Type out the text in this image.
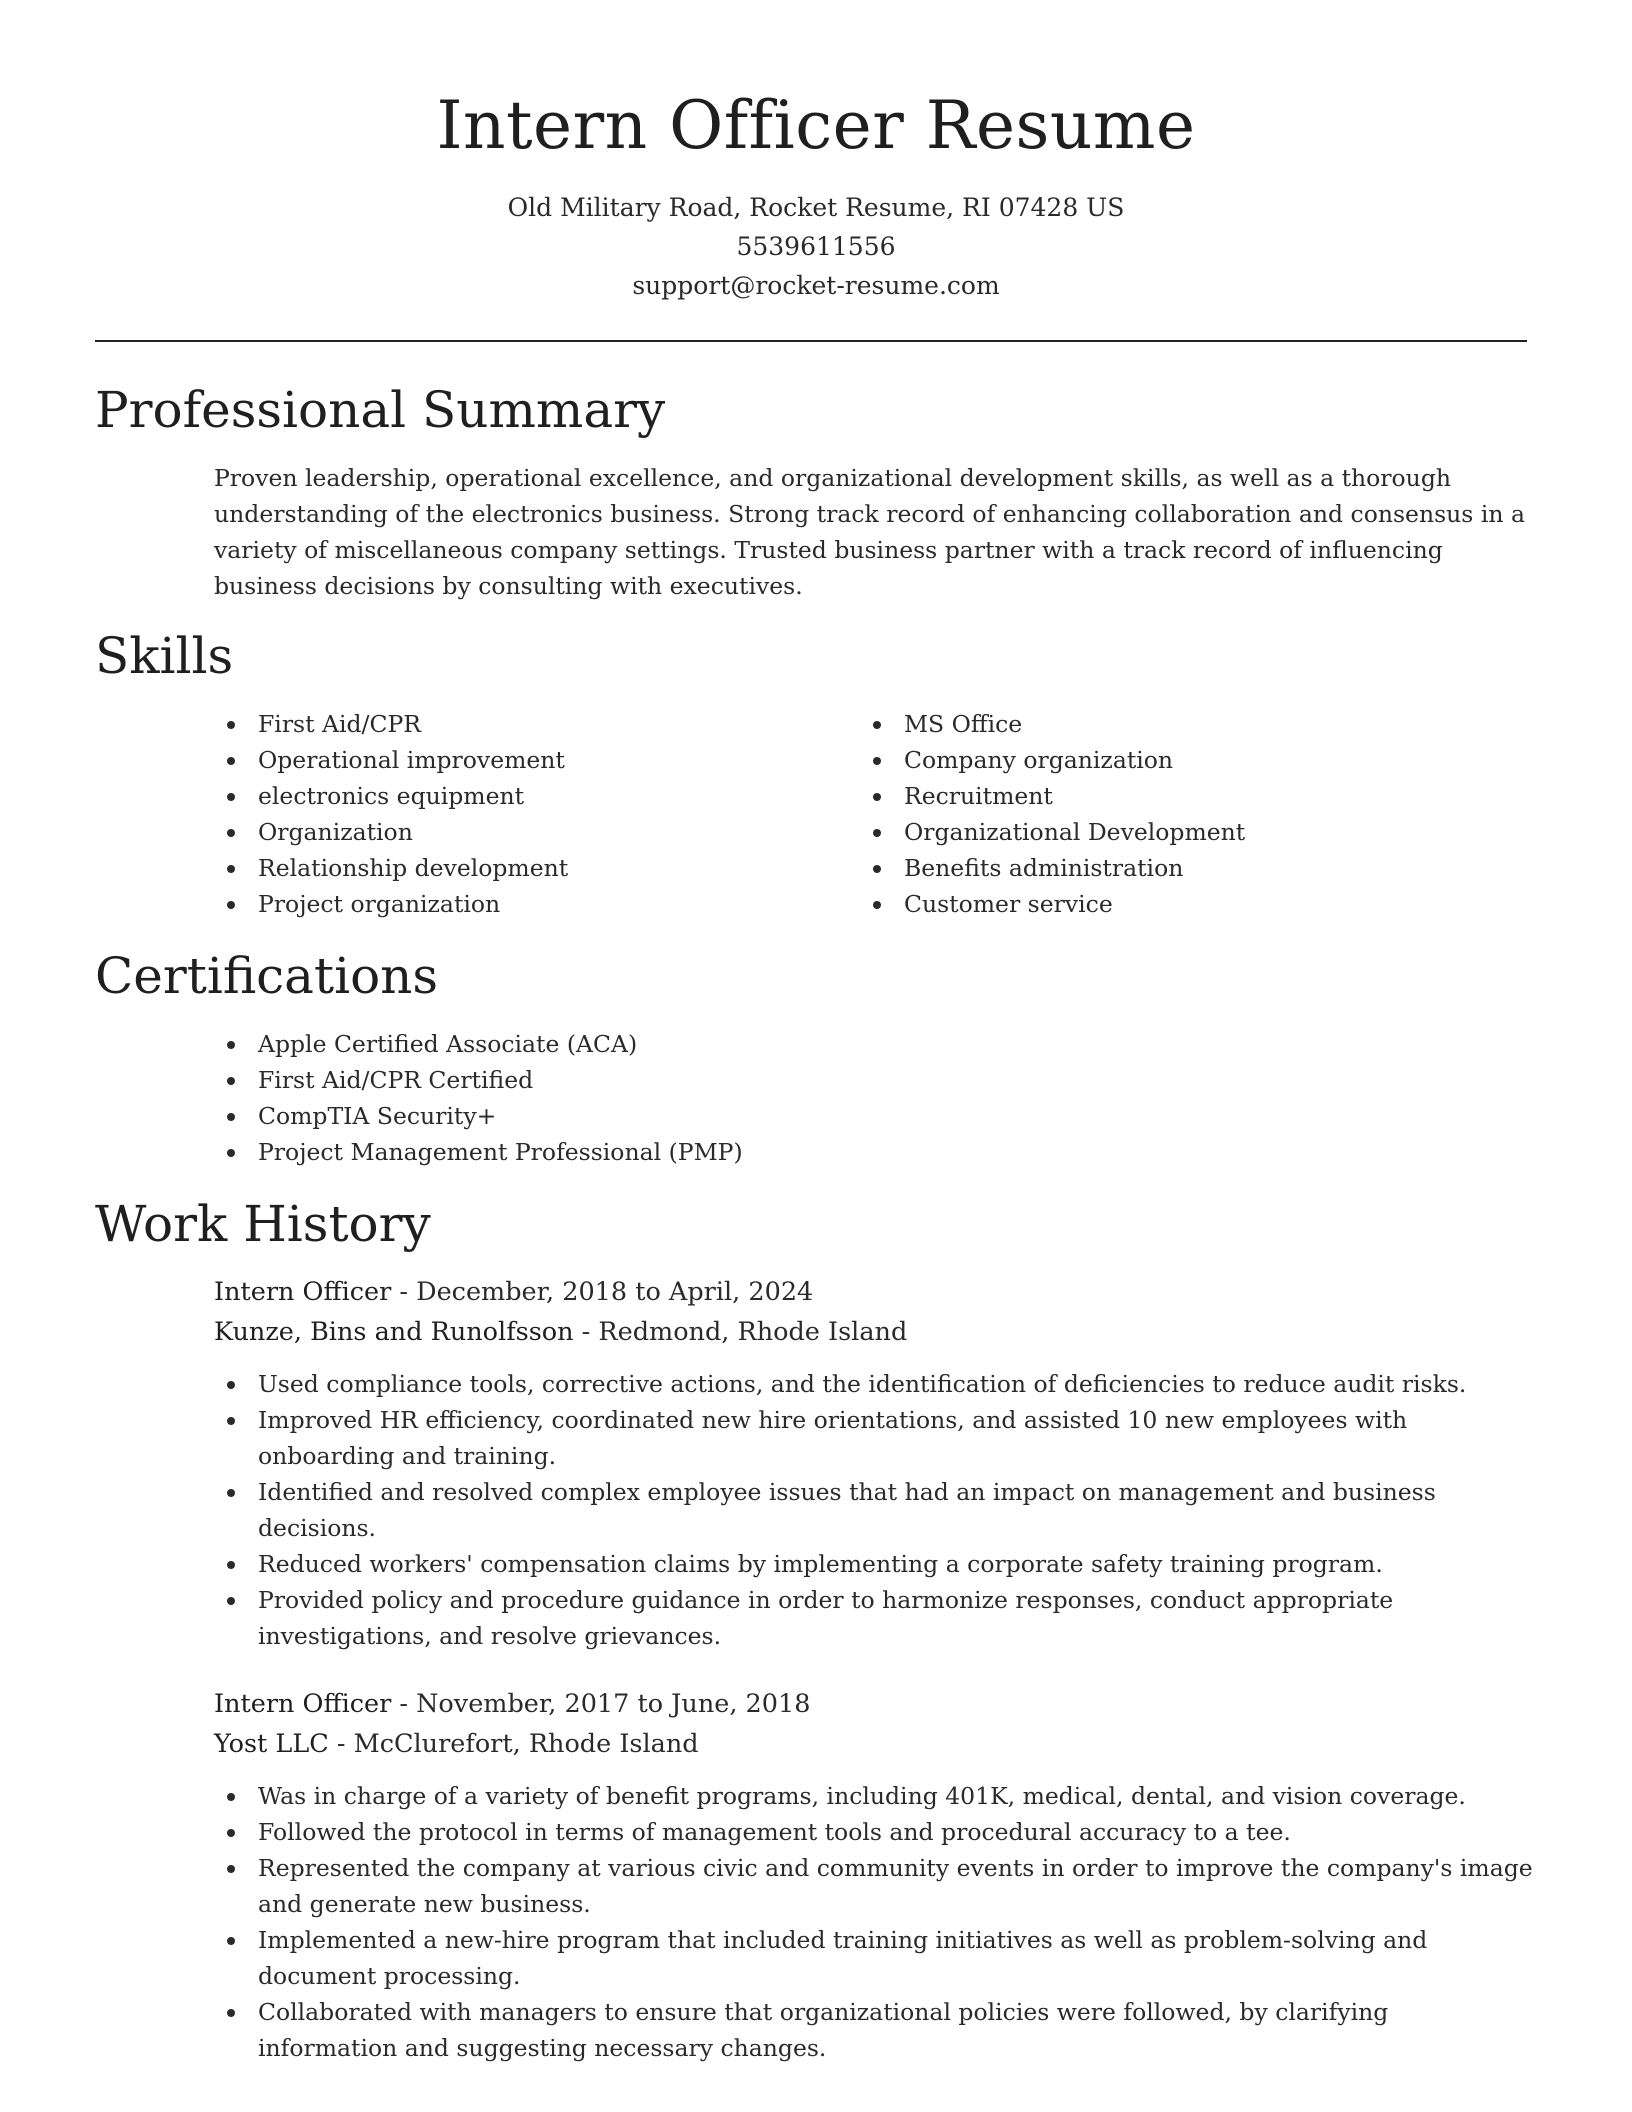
Intern Officer Resume
Old Military Road, Rocket Resume, RI 07428 US
5539611556
support@rocket-resume.com
Professional Summary

Proven leadership, operational excellence, and organizational development skills, as well as a thorough understanding of the electronics business. Strong track record of enhancing collaboration and consensus in a variety of miscellaneous company settings. Trusted business partner with a track record of influencing business decisions by consulting with executives.

Skills
First Aid/CPR
Operational improvement
electronics equipment
Organization
Relationship development
Project organization
MS Office
Company organization
Recruitment
Organizational Development
Benefits administration
Customer service
Certifications
Apple Certified Associate (ACA)
First Aid/CPR Certified
CompTIA Security+
Project Management Professional (PMP)
Work History

Intern Officer - December, 2018 to April, 2024

Kunze, Bins and Runolfsson - Redmond, Rhode Island

Used compliance tools, corrective actions, and the identification of deficiencies to reduce audit risks.
Improved HR efficiency, coordinated new hire orientations, and assisted 10 new employees with onboarding and training.
Identified and resolved complex employee issues that had an impact on management and business decisions.
Reduced workers' compensation claims by implementing a corporate safety training program.
Provided policy and procedure guidance in order to harmonize responses, conduct appropriate investigations, and resolve grievances.

Intern Officer - November, 2017 to June, 2018

Yost LLC - McClurefort, Rhode Island

Was in charge of a variety of benefit programs, including 401K, medical, dental, and vision coverage.
Followed the protocol in terms of management tools and procedural accuracy to a tee.
Represented the company at various civic and community events in order to improve the company's image and generate new business.
Implemented a new-hire program that included training initiatives as well as problem-solving and document processing.
Collaborated with managers to ensure that organizational policies were followed, by clarifying information and suggesting necessary changes.
